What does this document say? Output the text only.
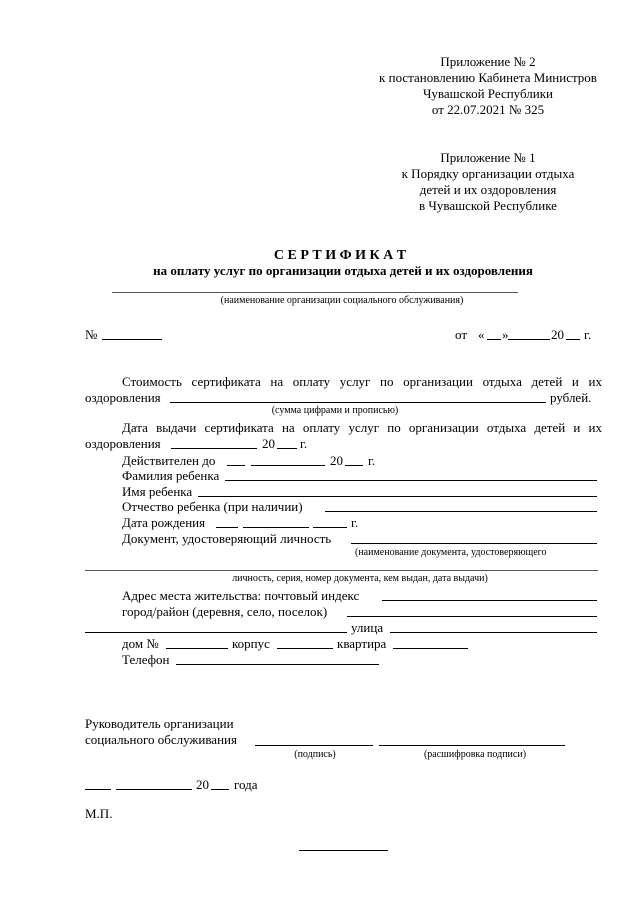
Приложение № 2
к постановлению Кабинета Министров
Чувашской Республики
от 22.07.2021 № 325
Приложение № 1
к Порядку организации отдыха
детей и их оздоровления
в Чувашской Республике
С Е Р Т И Ф И К А Т
на оплату услуг по организации отдыха детей и их оздоровления
(наименование организации социального обслуживания)
№	от « »	20 г.
Стоимость сертификата на оплату услуг по организации отдыха детей и их
оздоровления	рублей.
(сумма цифрами и прописью)
Дата выдачи сертификата на оплату услуг по организации отдыха детей и их
оздоровления	20 г.
Действителен до	20 г.
Фамилия ребенка
Имя ребенка
Отчество ребенка (при наличии)
Дата рождения	г.
Документ, удостоверяющий личность
(наименование документа, удостоверяющего
личность, серия, номер документа, кем выдан, дата выдачи)
Адрес места жительства: почтовый индекс
город/район (деревня, село, поселок)
улица
дом №	корпус	квартира
Телефон
Руководитель организации
социального обслуживания
(подпись)	(расшифровка подписи)
20 года
М.П.
